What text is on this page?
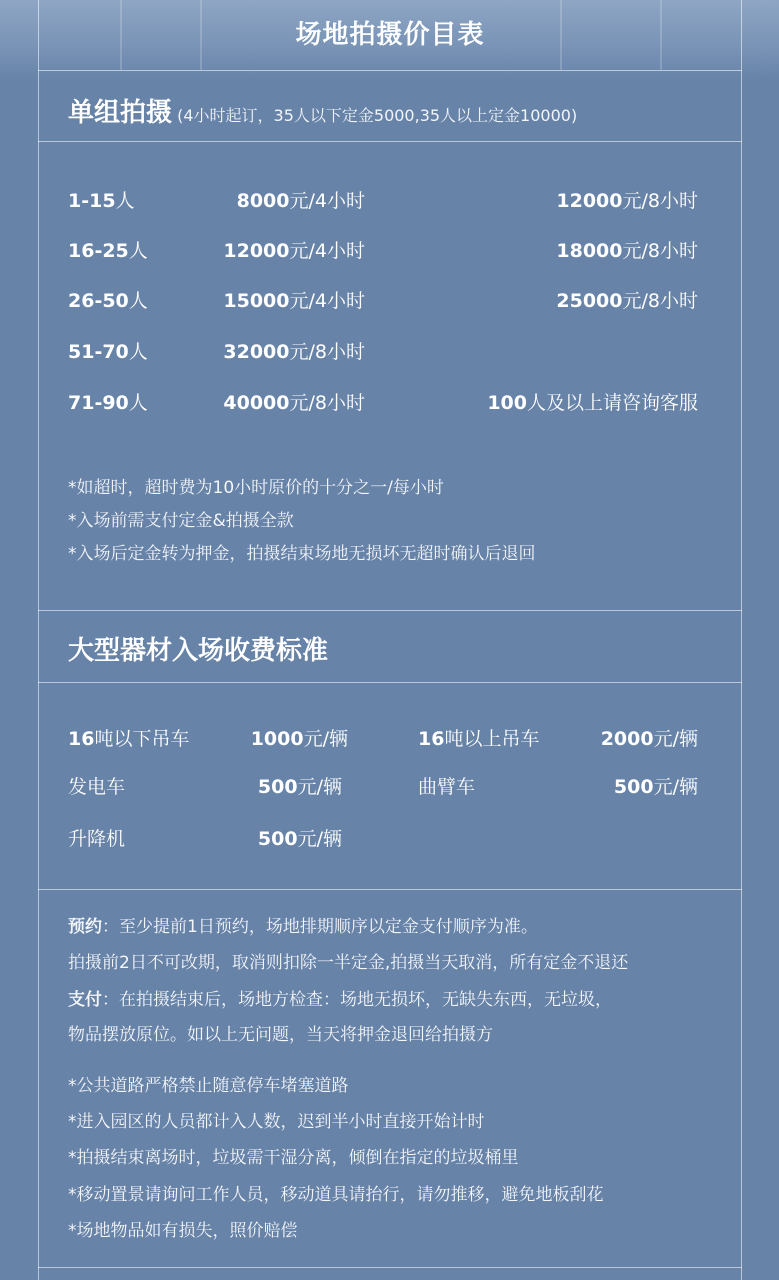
场地拍摄价目表
单组拍摄 (4小时起订，35人以下定金5000,35人以上定金10000)
1-15人	8000元/4小时	12000元/8小时
16-25人	12000元/4小时	18000元/8小时
26-50人	15000元/4小时	25000元/8小时
51-70人	32000元/8小时
71-90人	40000元/8小时	100人及以上请咨询客服
*如超时，超时费为10小时原价的十分之一/每小时
*入场前需支付定金&拍摄全款
*入场后定金转为押金，拍摄结束场地无损坏无超时确认后退回
大型器材入场收费标准
16吨以下吊车	1000元/辆	16吨以上吊车	2000元/辆
发电车	500元/辆	曲臂车	500元/辆
升降机	500元/辆
预约：至少提前1日预约，场地排期顺序以定金支付顺序为准。
拍摄前2日不可改期，取消则扣除一半定金,拍摄当天取消，所有定金不退还
支付：在拍摄结束后，场地方检查：场地无损坏，无缺失东西，无垃圾，
物品摆放原位。如以上无问题，当天将押金退回给拍摄方
*公共道路严格禁止随意停车堵塞道路
*进入园区的人员都计入人数，迟到半小时直接开始计时
*拍摄结束离场时，垃圾需干湿分离，倾倒在指定的垃圾桶里
*移动置景请询问工作人员，移动道具请抬行，请勿推移，避免地板刮花
*场地物品如有损失，照价赔偿
